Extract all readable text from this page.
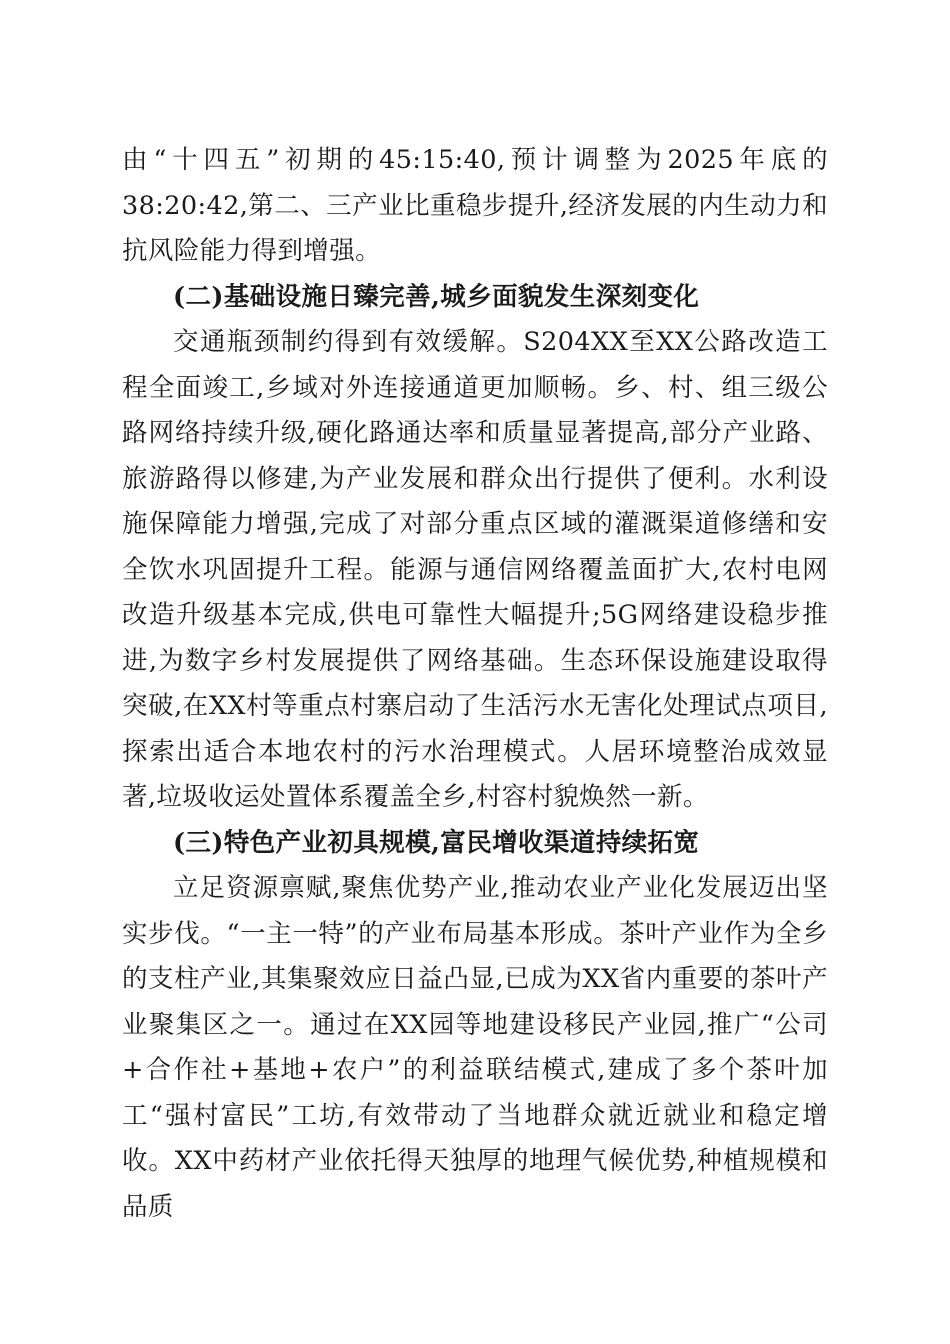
由“十四五”初期的45:15:40,预计调整为2025年底的38:20:42,第二、三产业比重稳步提升,经济发展的内生动力和抗风险能力得到增强。

(二)基础设施日臻完善,城乡面貌发生深刻变化

交通瓶颈制约得到有效缓解。S204XX至XX公路改造工程全面竣工,乡域对外连接通道更加顺畅。乡、村、组三级公路网络持续升级,硬化路通达率和质量显著提高,部分产业路、旅游路得以修建,为产业发展和群众出行提供了便利。水利设施保障能力增强,完成了对部分重点区域的灌溉渠道修缮和安全饮水巩固提升工程。能源与通信网络覆盖面扩大,农村电网改造升级基本完成,供电可靠性大幅提升;5G网络建设稳步推进,为数字乡村发展提供了网络基础。生态环保设施建设取得突破,在XX村等重点村寨启动了生活污水无害化处理试点项目,探索出适合本地农村的污水治理模式。人居环境整治成效显著,垃圾收运处置体系覆盖全乡,村容村貌焕然一新。

(三)特色产业初具规模,富民增收渠道持续拓宽

立足资源禀赋,聚焦优势产业,推动农业产业化发展迈出坚实步伐。“一主一特”的产业布局基本形成。茶叶产业作为全乡的支柱产业,其集聚效应日益凸显,已成为XX省内重要的茶叶产业聚集区之一。通过在XX园等地建设移民产业园,推广“公司+合作社+基地+农户”的利益联结模式,建成了多个茶叶加工“强村富民”工坊,有效带动了当地群众就近就业和稳定增收。XX中药材产业依托得天独厚的地理气候优势,种植规模和品质
